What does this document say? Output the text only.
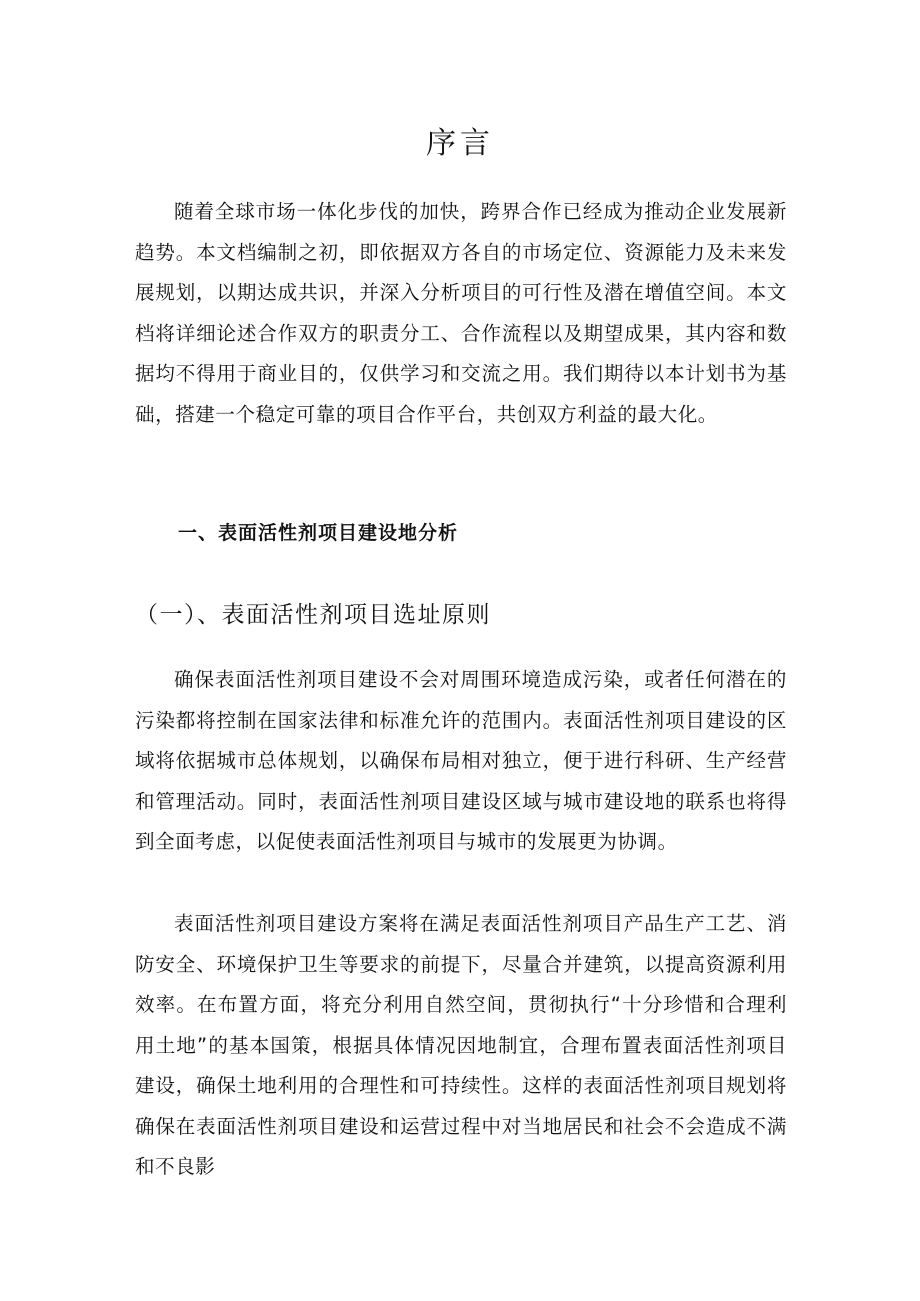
序言

随着全球市场一体化步伐的加快，跨界合作已经成为推动企业发展新趋势。本文档编制之初，即依据双方各自的市场定位、资源能力及未来发展规划，以期达成共识，并深入分析项目的可行性及潜在增值空间。本文档将详细论述合作双方的职责分工、合作流程以及期望成果，其内容和数据均不得用于商业目的，仅供学习和交流之用。我们期待以本计划书为基础，搭建一个稳定可靠的项目合作平台，共创双方利益的最大化。

一、表面活性剂项目建设地分析
（一）、表面活性剂项目选址原则

确保表面活性剂项目建设不会对周围环境造成污染，或者任何潜在的污染都将控制在国家法律和标准允许的范围内。表面活性剂项目建设的区域将依据城市总体规划，以确保布局相对独立，便于进行科研、生产经营和管理活动。同时，表面活性剂项目建设区域与城市建设地的联系也将得到全面考虑，以促使表面活性剂项目与城市的发展更为协调。

表面活性剂项目建设方案将在满足表面活性剂项目产品生产工艺、消防安全、环境保护卫生等要求的前提下，尽量合并建筑，以提高资源利用效率。在布置方面，将充分利用自然空间，贯彻执行“十分珍惜和合理利用土地”的基本国策，根据具体情况因地制宜，合理布置表面活性剂项目建设，确保土地利用的合理性和可持续性。这样的表面活性剂项目规划将确保在表面活性剂项目建设和运营过程中对当地居民和社会不会造成不满和不良影
